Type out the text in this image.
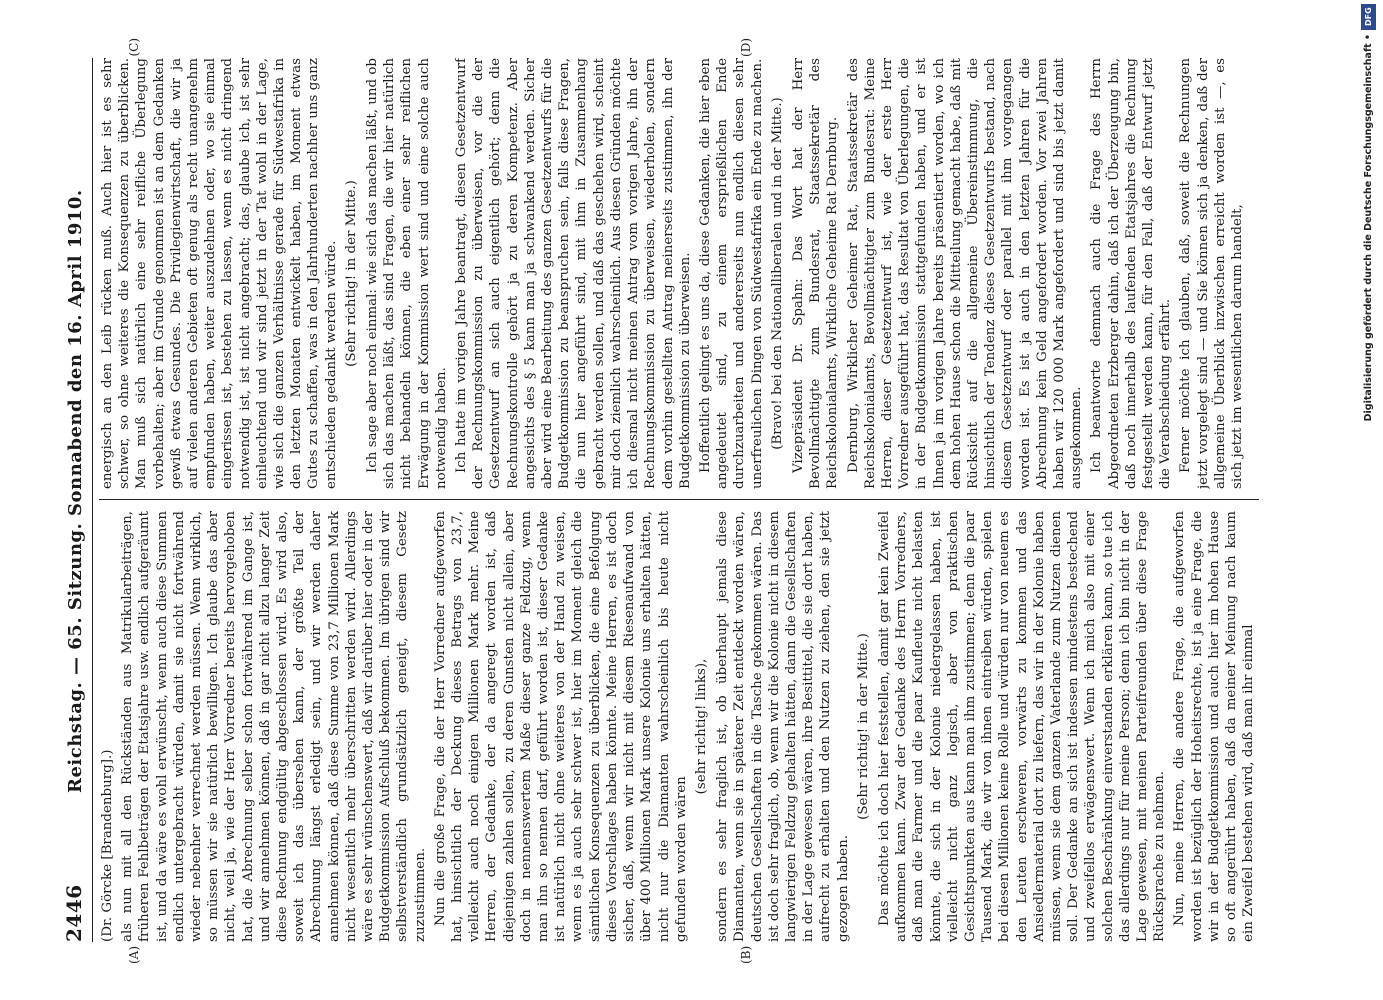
2446
Reichstag. — 65. Sitzung. Sonnabend den 16. April 1910.
(A)	(B)
(C)	(D)

(Dr. Görcke [Brandenburg].) als nun mit all den Rückständen aus Matrikularbeiträgen, früheren Fehlbeträgen der Etatsjahre usw. endlich aufgeräumt ist, und da wäre es wohl erwünscht, wenn auch diese Summen endlich untergebracht würden, damit sie nicht fortwährend wieder nebenher verrechnet werden müssen. Wenn wirklich, so müssen wir sie natürlich bewilligen. Ich glaube das aber nicht, weil ja, wie der Herr Vorredner bereits hervorgehoben hat, die Abrechnung selber schon fortwährend im Gange ist, und wir annehmen können, daß in gar nicht allzu langer Zeit diese Rechnung endgültig abgeschlossen wird. Es wird also, soweit ich das übersehen kann, der größte Teil der Abrechnung längst erledigt sein, und wir werden daher annehmen können, daß diese Summe von 23,7 Millionen Mark nicht wesentlich mehr überschritten werden wird. Allerdings wäre es sehr wünschenswert, daß wir darüber hier oder in der Budgetkommission Aufschluß bekommen. Im übrigen sind wir selbstverständlich grundsätzlich geneigt, diesem Gesetz zuzustimmen. Nun die große Frage, die der Herr Vorredner aufgeworfen hat, hinsichtlich der Deckung dieses Betrags von 23,7, vielleicht auch noch einigen Millionen Mark mehr. Meine Herren, der Gedanke, der da angeregt worden ist, daß diejenigen zahlen sollen, zu deren Gunsten nicht allein, aber doch in nennenswertem Maße dieser ganze Feldzug, wenn man ihn so nennen darf, geführt worden ist, dieser Gedanke ist natürlich nicht ohne weiteres von der Hand zu weisen, wenn es ja auch sehr schwer ist, hier im Moment gleich die sämtlichen Konsequenzen zu überblicken, die eine Befolgung dieses Vorschlages haben könnte. Meine Herren, es ist doch sicher, daß, wenn wir nicht mit diesem Riesenaufwand von über 400 Millionen Mark unsere Kolonie uns erhalten hätten, nicht nur die Diamanten wahrscheinlich bis heute nicht gefunden worden wären

(sehr richtig! links), sondern es sehr fraglich ist, ob überhaupt jemals diese Diamanten, wenn sie in späterer Zeit entdeckt worden wären, deutschen Gesellschaften in die Tasche gekommen wären. Das ist doch sehr fraglich, ob, wenn wir die Kolonie nicht in diesem langwierigen Feldzug gehalten hätten, dann die Gesellschaften in der Lage gewesen wären, ihre Besittitel, die sie dort haben, aufrecht zu erhalten und den Nutzen zu ziehen, den sie jetzt gezogen haben.

(Sehr richtig! in der Mitte.) Das möchte ich doch hier feststellen, damit gar kein Zweifel aufkommen kann. Zwar der Gedanke des Herrn Vorredners, daß man die Farmer und die paar Kaufleute nicht belasten könnte, die sich in der Kolonie niedergelassen haben, ist vielleicht nicht ganz logisch, aber von praktischen Gesichtspunkten aus kann man ihm zustimmen; denn die paar Tausend Mark, die wir von ihnen eintreiben würden, spielen bei diesen Millionen keine Rolle und würden nur von neuem es den Leuten erschweren, vorwärts zu kommen und das Ansiedlermaterial dort zu liefern, das wir in der Kolonie haben müssen, wenn sie dem ganzen Vaterlande zum Nutzen dienen soll. Der Gedanke an sich ist indessen mindestens bestechend und zweifellos erwägenswert. Wenn ich mich also mit einer solchen Beschränkung einverstanden erklären kann, so tue ich das allerdings nur für meine Person; denn ich bin nicht in der Lage gewesen, mit meinen Parteifreunden über diese Frage Rücksprache zu nehmen. Nun, meine Herren, die andere Frage, die aufgeworfen worden ist bezüglich der Hoheitsrechte, ist ja eine Frage, die wir in der Budgetkommission und auch hier im hohen Hause so oft angerührt haben, daß da meiner Meinung nach kaum ein Zweifel bestehen wird, daß man ihr einmal

energisch an den Leib rücken muß. Auch hier ist es sehr schwer, so ohne weiteres die Konsequenzen zu überblicken. Man muß sich natürlich eine sehr reifliche Überlegung vorbehalten; aber im Grunde genommen ist an dem Gedanken gewiß etwas Gesundes. Die Privilegienwirtschaft, die wir ja auf vielen anderen Gebieten oft genug als recht unangenehm empfunden haben, weiter auszudehnen oder, wo sie einmal eingerissen ist, bestehen zu lassen, wenn es nicht dringend notwendig ist, ist nicht angebracht; das, glaube ich, ist sehr einleuchtend und wir sind jetzt in der Tat wohl in der Lage, wie sich die ganzen Verhältnisse gerade für Südwestafrika in den letzten Monaten entwickelt haben, im Moment etwas Gutes zu schaffen, was in den Jahrhunderten nachher uns ganz entschieden gedankt werden würde. (Sehr richtig! in der Mitte.) Ich sage aber noch einmal: wie sich das machen läßt, und ob sich das machen läßt, das sind Fragen, die wir hier natürlich nicht behandeln können, die eben einer sehr reiflichen Erwägung in der Kommission wert sind und eine solche auch notwendig haben. Ich hatte im vorigen Jahre beantragt, diesen Gesetzentwurf der Rechnungskommission zu überweisen, vor die der Gesetzentwurf an sich auch eigentlich gehört; denn die Rechnungskontrolle gehört ja zu deren Kompetenz. Aber angesichts des § 5 kann man ja schwankend werden. Sicher aber wird eine Bearbeitung des ganzen Gesetzentwurfs für die Budgetkommission zu beanspruchen sein, falls diese Fragen, die nun hier angeführt sind, mit ihm in Zusammenhang gebracht werden sollen, und daß das geschehen wird, scheint mir doch ziemlich wahrscheinlich. Aus diesen Gründen möchte ich diesmal nicht meinen Antrag vom vorigen Jahre, ihn der Rechnungskommission zu überweisen, wiederholen, sondern dem vorhin gestellten Antrag meinerseits zustimmen, ihn der Budgetkommission zu überweisen. Hoffentlich gelingt es uns da, diese Gedanken, die hier eben angedeutet sind, zu einem ersprießlichen Ende durchzuarbeiten und andererseits nun endlich diesen sehr unerfreulichen Dingen von Südwestafrika ein Ende zu machen. (Bravo! bei den Nationalliberalen und in der Mitte.) Vizepräsident Dr. Spahn: Das Wort hat der Herr Bevollmächtigte zum Bundesrat, Staatssekretär des Reichskolonialamts, Wirkliche Geheime Rat Dernburg. Dernburg, Wirklicher Geheimer Rat, Staatssekretär des Reichskolonialamts, Bevollmächtigter zum Bundesrat: Meine Herren, dieser Gesetzentwurf ist, wie der erste Herr Vorredner ausgeführt hat, das Resultat von Überlegungen, die in der Budgetkommission stattgefunden haben, und er ist Ihnen ja im vorigen Jahre bereits präsentiert worden, wo ich dem hohen Hause schon die Mitteilung gemacht habe, daß mit Rücksicht auf die allgemeine Übereinstimmung, die hinsichtlich der Tendenz dieses Gesetzentwurfs bestand, nach diesem Gesetzentwurf oder parallel mit ihm vorgegangen worden ist. Es ist ja auch in den letzten Jahren für die Abrechnung kein Geld angefordert worden. Vor zwei Jahren haben wir 120 000 Mark angefordert und sind bis jetzt damit ausgekommen. Ich beantworte demnach auch die Frage des Herrn Abgeordneten Erzberger dahin, daß ich der Überzeugung bin, daß noch innerhalb des laufenden Etatsjahres die Rechnung festgestellt werden kann, für den Fall, daß der Entwurf jetzt die Verabschiedung erfährt. Ferner möchte ich glauben, daß, soweit die Rechnungen jetzt vorgelegt sind — und Sie können sich ja denken, daß der allgemeine Überblick inzwischen erreicht worden ist —, es sich jetzt im wesentlichen darum handelt,

DFG
Digitalisierung gefördert durch die Deutsche Forschungsgemeinschaft •
